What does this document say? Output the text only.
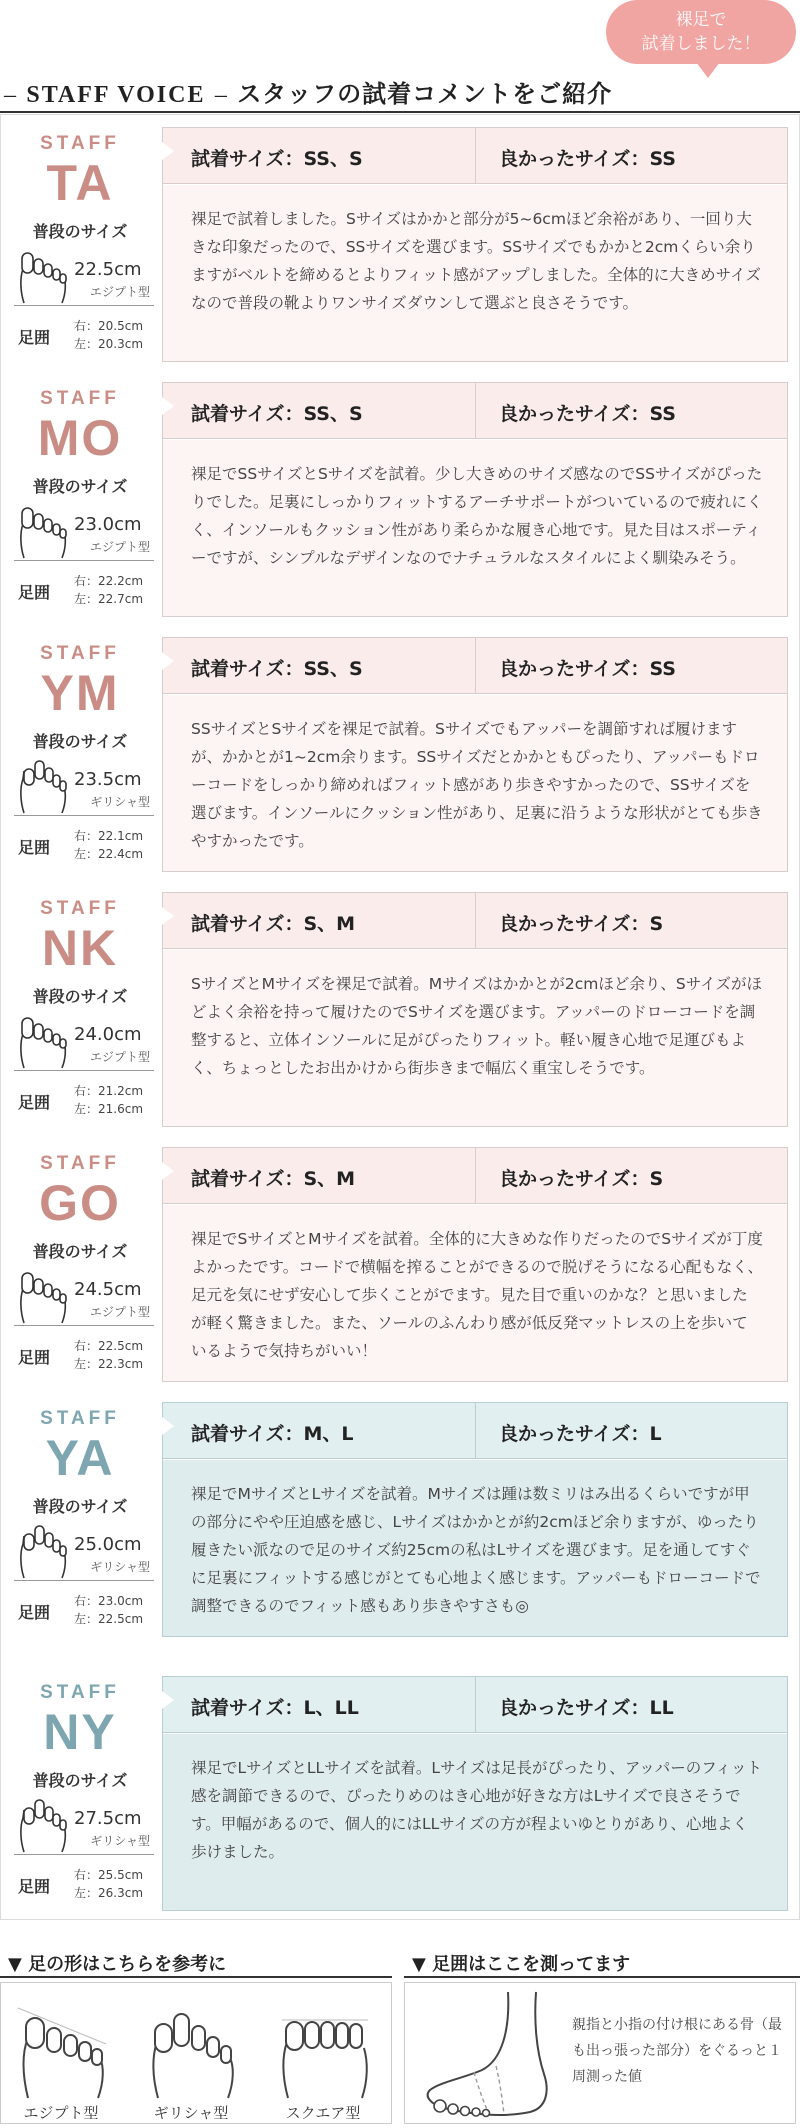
– STAFF VOICE – スタッフの試着コメントをご紹介
裸足で
試着しました！
STAFF
TA
普段のサイズ
22.5cm
エジプト型
足囲
右：20.5cm
左：20.3cm
試着サイズ：SS、S	良かったサイズ：SS
裸足で試着しました。Sサイズはかかと部分が5~6cmほど余裕があり、一回り大きな印象だったので、SSサイズを選びます。SSサイズでもかかと2cmくらい余りますがベルトを締めるとよりフィット感がアップしました。全体的に大きめサイズなので普段の靴よりワンサイズダウンして選ぶと良さそうです。
STAFF
MO
普段のサイズ
23.0cm
エジプト型
足囲
右：22.2cm
左：22.7cm
試着サイズ：SS、S	良かったサイズ：SS
裸足でSSサイズとSサイズを試着。少し大きめのサイズ感なのでSSサイズがぴったりでした。足裏にしっかりフィットするアーチサポートがついているので疲れにくく、インソールもクッション性があり柔らかな履き心地です。見た目はスポーティーですが、シンプルなデザインなのでナチュラルなスタイルによく馴染みそう。
STAFF
YM
普段のサイズ
23.5cm
ギリシャ型
足囲
右：22.1cm
左：22.4cm
試着サイズ：SS、S	良かったサイズ：SS
SSサイズとSサイズを裸足で試着。Sサイズでもアッパーを調節すれば履けますが、かかとが1~2cm余ります。SSサイズだとかかともぴったり、アッパーもドローコードをしっかり締めればフィット感があり歩きやすかったので、SSサイズを選びます。インソールにクッション性があり、足裏に沿うような形状がとても歩きやすかったです。
STAFF
NK
普段のサイズ
24.0cm
エジプト型
足囲
右：21.2cm
左：21.6cm
試着サイズ：S、M	良かったサイズ：S
SサイズとMサイズを裸足で試着。Mサイズはかかとが2cmほど余り、Sサイズがほどよく余裕を持って履けたのでSサイズを選びます。アッパーのドローコードを調整すると、立体インソールに足がぴったりフィット。軽い履き心地で足運びもよく、ちょっとしたお出かけから街歩きまで幅広く重宝しそうです。
STAFF
GO
普段のサイズ
24.5cm
エジプト型
足囲
右：22.5cm
左：22.3cm
試着サイズ：S、M	良かったサイズ：S
裸足でSサイズとMサイズを試着。全体的に大きめな作りだったのでSサイズが丁度よかったです。コードで横幅を搾ることができるので脱げそうになる心配もなく、足元を気にせず安心して歩くことがでます。見た目で重いのかな？と思いましたが軽く驚きました。また、ソールのふんわり感が低反発マットレスの上を歩いているようで気持ちがいい！
STAFF
YA
普段のサイズ
25.0cm
ギリシャ型
足囲
右：23.0cm
左：22.5cm
試着サイズ：M、L	良かったサイズ：L
裸足でMサイズとLサイズを試着。Mサイズは踵は数ミリはみ出るくらいですが甲の部分にやや圧迫感を感じ、Lサイズはかかとが約2cmほど余りますが、ゆったり履きたい派なので足のサイズ約25cmの私はLサイズを選びます。足を通してすぐに足裏にフィットする感じがとても心地よく感じます。アッパーもドローコードで調整できるのでフィット感もあり歩きやすさも◎
STAFF
NY
普段のサイズ
27.5cm
ギリシャ型
足囲
右：25.5cm
左：26.3cm
試着サイズ：L、LL	良かったサイズ：LL
裸足でLサイズとLLサイズを試着。Lサイズは足長がぴったり、アッパーのフィット感を調節できるので、ぴったりめのはき心地が好きな方はLサイズで良さそうです。甲幅があるので、個人的にはLLサイズの方が程よいゆとりがあり、心地よく歩けました。
▼ 足の形はこちらを参考に
エジプト型	ギリシャ型	スクエア型
▼ 足囲はここを測ってます
親指と小指の付け根にある骨（最も出っ張った部分）をぐるっと１周測った値
